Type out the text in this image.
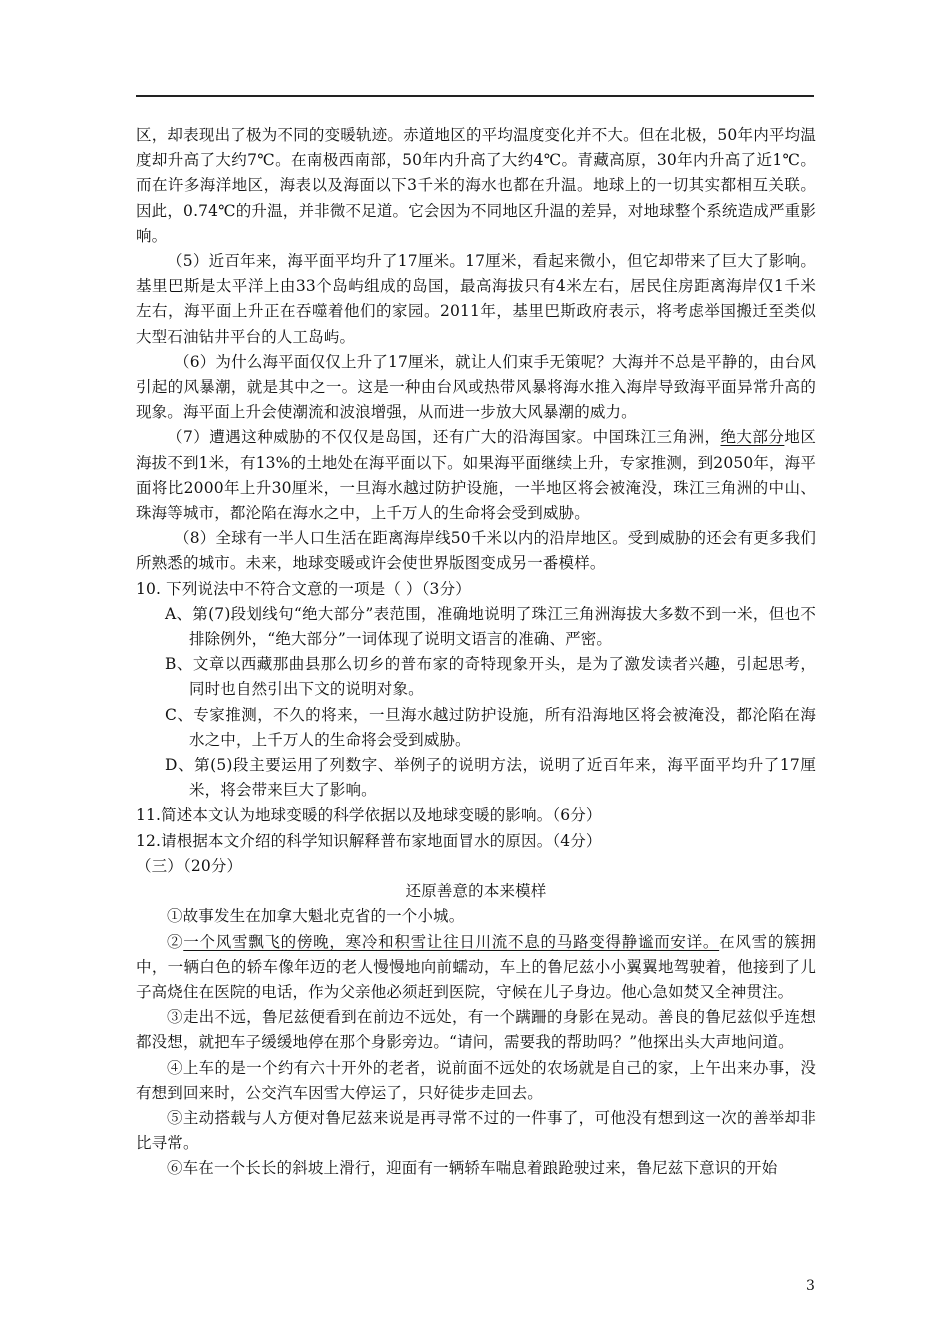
区，却表现出了极为不同的变暖轨迹。赤道地区的平均温度变化并不大。但在北极，50年内平均温度却升高了大约7℃。在南极西南部，50年内升高了大约4℃。青藏高原，30年内升高了近1℃。而在许多海洋地区，海表以及海面以下3千米的海水也都在升温。地球上的一切其实都相互关联。因此，0.74℃的升温，并非微不足道。它会因为不同地区升温的差异，对地球整个系统造成严重影响。

（5）近百年来，海平面平均升了17厘米。17厘米，看起来微小，但它却带来了巨大了影响。基里巴斯是太平洋上由33个岛屿组成的岛国，最高海拔只有4米左右，居民住房距离海岸仅1千米左右，海平面上升正在吞噬着他们的家园。2011年，基里巴斯政府表示，将考虑举国搬迁至类似大型石油钻井平台的人工岛屿。

（6）为什么海平面仅仅上升了17厘米，就让人们束手无策呢？大海并不总是平静的，由台风引起的风暴潮，就是其中之一。这是一种由台风或热带风暴将海水推入海岸导致海平面异常升高的现象。海平面上升会使潮流和波浪增强，从而进一步放大风暴潮的威力。

（7）遭遇这种威胁的不仅仅是岛国，还有广大的沿海国家。中国珠江三角洲，绝大部分地区海拔不到1米，有13%的土地处在海平面以下。如果海平面继续上升，专家推测，到2050年，海平面将比2000年上升30厘米，一旦海水越过防护设施，一半地区将会被淹没，珠江三角洲的中山、珠海等城市，都沦陷在海水之中，上千万人的生命将会受到威胁。

（8）全球有一半人口生活在距离海岸线50千米以内的沿岸地区。受到威胁的还会有更多我们所熟悉的城市。未来，地球变暖或许会使世界版图变成另一番模样。

10. 下列说法中不符合文意的一项是（ ）（3分）

A、第(7)段划线句“绝大部分”表范围，准确地说明了珠江三角洲海拔大多数不到一米，但也不排除例外，“绝大部分”一词体现了说明文语言的准确、严密。

B、文章以西藏那曲县那么切乡的普布家的奇特现象开头，是为了激发读者兴趣，引起思考，同时也自然引出下文的说明对象。

C、专家推测，不久的将来，一旦海水越过防护设施，所有沿海地区将会被淹没，都沦陷在海水之中，上千万人的生命将会受到威胁。

D、第(5)段主要运用了列数字、举例子的说明方法，说明了近百年来，海平面平均升了17厘米，将会带来巨大了影响。

11.简述本文认为地球变暖的科学依据以及地球变暖的影响。（6分）

12.请根据本文介绍的科学知识解释普布家地面冒水的原因。（4分）

（三）（20分）

还原善意的本来模样

①故事发生在加拿大魁北克省的一个小城。

②一个风雪飘飞的傍晚，寒冷和积雪让往日川流不息的马路变得静谧而安详。在风雪的簇拥中，一辆白色的轿车像年迈的老人慢慢地向前蠕动，车上的鲁尼兹小小翼翼地驾驶着，他接到了儿子高烧住在医院的电话，作为父亲他必须赶到医院，守候在儿子身边。他心急如焚又全神贯注。

③走出不远，鲁尼兹便看到在前边不远处，有一个蹒跚的身影在晃动。善良的鲁尼兹似乎连想都没想，就把车子缓缓地停在那个身影旁边。“请问，需要我的帮助吗？”他探出头大声地问道。

④上车的是一个约有六十开外的老者，说前面不远处的农场就是自己的家，上午出来办事，没有想到回来时，公交汽车因雪大停运了，只好徒步走回去。

⑤主动搭载与人方便对鲁尼兹来说是再寻常不过的一件事了，可他没有想到这一次的善举却非比寻常。

⑥车在一个长长的斜坡上滑行，迎面有一辆轿车喘息着踉跄驶过来，鲁尼兹下意识的开始

3
